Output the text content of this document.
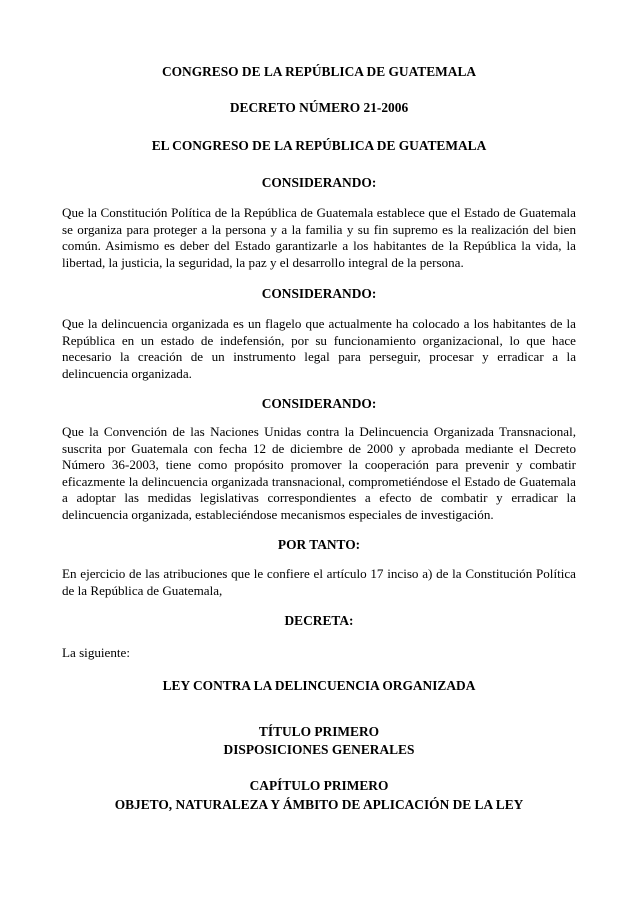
CONGRESO DE LA REPÚBLICA DE GUATEMALA

DECRETO NÚMERO 21-2006

EL CONGRESO DE LA REPÚBLICA DE GUATEMALA

CONSIDERANDO:

Que la Constitución Política de la República de Guatemala establece que el Estado de Guatemala se organiza para proteger a la persona y a la familia y su fin supremo es la realización del bien común. Asimismo es deber del Estado garantizarle a los habitantes de la República la vida, la libertad, la justicia, la seguridad, la paz y el desarrollo integral de la persona.

CONSIDERANDO:

Que la delincuencia organizada es un flagelo que actualmente ha colocado a los habitantes de la República en un estado de indefensión, por su funcionamiento organizacional, lo que hace necesario la creación de un instrumento legal para perseguir, procesar y erradicar a la delincuencia organizada.

CONSIDERANDO:

Que la Convención de las Naciones Unidas contra la Delincuencia Organizada Transnacional, suscrita por Guatemala con fecha 12 de diciembre de 2000 y aprobada mediante el Decreto Número 36-2003, tiene como propósito promover la cooperación para prevenir y combatir eficazmente la delincuencia organizada transnacional, comprometiéndose el Estado de Guatemala a adoptar las medidas legislativas correspondientes a efecto de combatir y erradicar la delincuencia organizada, estableciéndose mecanismos especiales de investigación.

POR TANTO:

En ejercicio de las atribuciones que le confiere el artículo 17 inciso a) de la Constitución Política de la República de Guatemala,

DECRETA:

La siguiente:

LEY CONTRA LA DELINCUENCIA ORGANIZADA

TÍTULO PRIMERO

DISPOSICIONES GENERALES

CAPÍTULO PRIMERO

OBJETO, NATURALEZA Y ÁMBITO DE APLICACIÓN DE LA LEY
